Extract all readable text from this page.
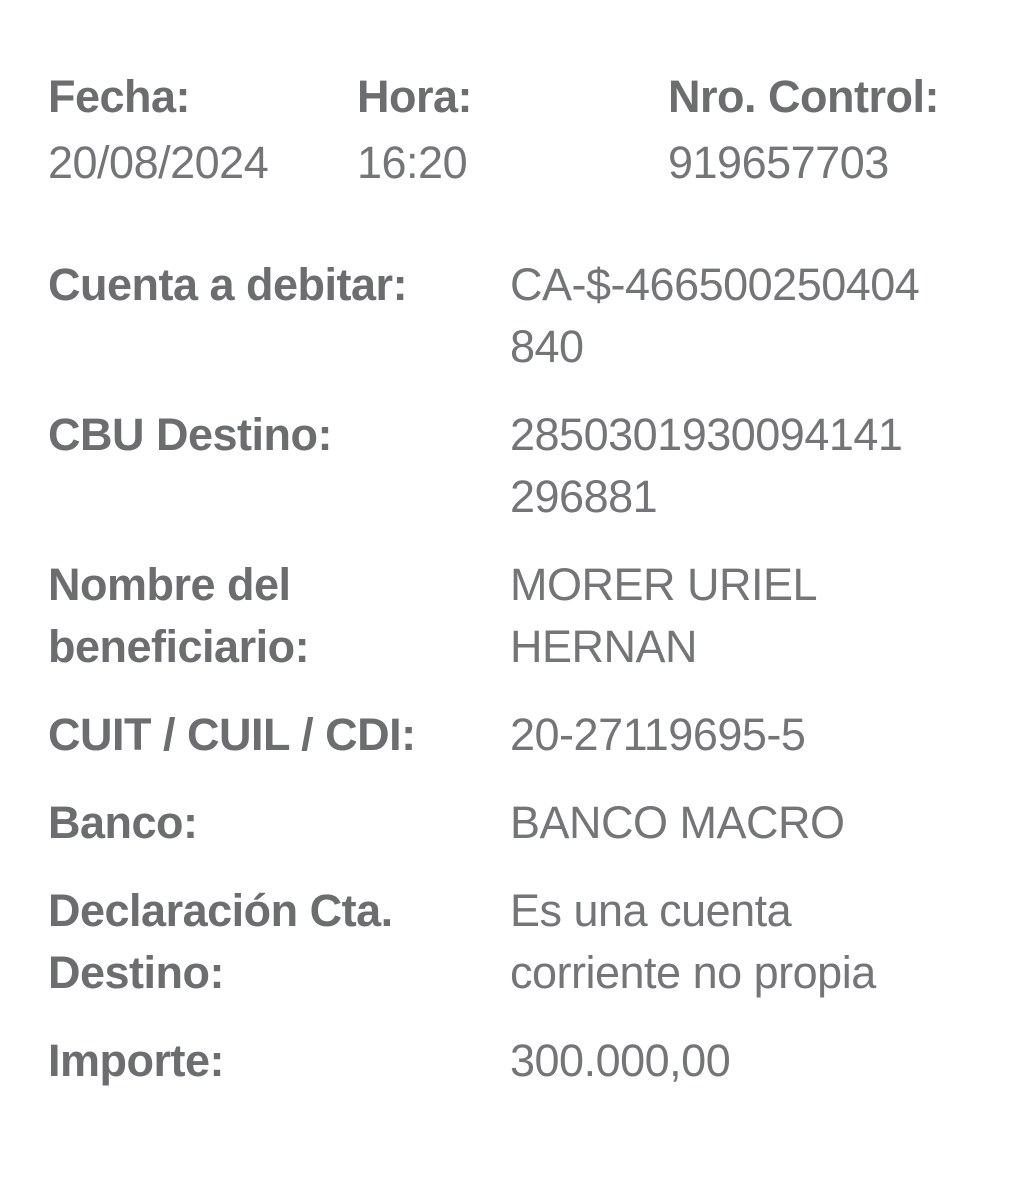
Fecha:
20/08/2024
Hora:
16:20
Nro. Control:
919657703
Cuenta a debitar:	CA-$-466500250404
840
CBU Destino:	2850301930094141
296881
Nombre del
beneficiario:
MORER URIEL
HERNAN
CUIT / CUIL / CDI:	20-27119695-5
Banco:	BANCO MACRO
Declaración Cta.
Destino:
Es una cuenta
corriente no propia
Importe:	300.000,00
